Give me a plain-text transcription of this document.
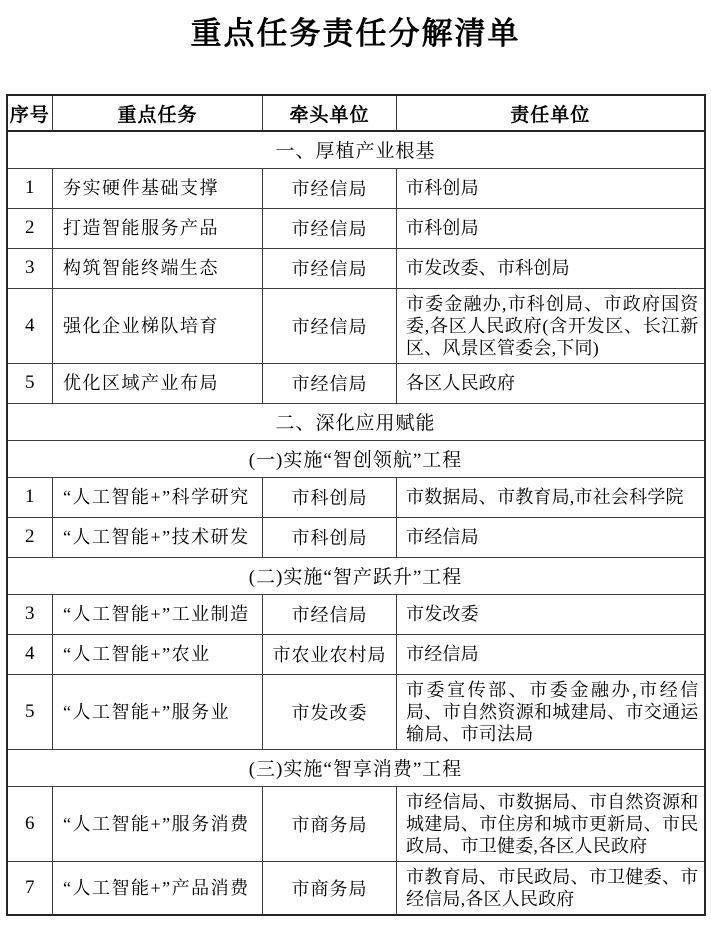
重点任务责任分解清单
序号	重点任务	牵头单位	责任单位
一、厚植产业根基			
1	夯实硬件基础支撑	市经信局	市科创局
2	打造智能服务产品	市经信局	市科创局
3	构筑智能终端生态	市经信局	市发改委、市科创局
4	强化企业梯队培育	市经信局	市委金融办,市科创局、市政府国资委,各区人民政府(含开发区、长江新区、风景区管委会,下同)
5	优化区域产业布局	市经信局	各区人民政府
二、深化应用赋能			
(一)实施“智创领航”工程			
1	“人工智能+”科学研究	市科创局	市数据局、市教育局,市社会科学院
2	“人工智能+”技术研发	市科创局	市经信局
(二)实施“智产跃升”工程			
3	“人工智能+”工业制造	市经信局	市发改委
4	“人工智能+”农业	市农业农村局	市经信局
5	“人工智能+”服务业	市发改委	市委宣传部、市委金融办,市经信局、市自然资源和城建局、市交通运输局、市司法局
(三)实施“智享消费”工程			
6	“人工智能+”服务消费	市商务局	市经信局、市数据局、市自然资源和城建局、市住房和城市更新局、市民政局、市卫健委,各区人民政府
7	“人工智能+”产品消费	市商务局	市教育局、市民政局、市卫健委、市经信局,各区人民政府
